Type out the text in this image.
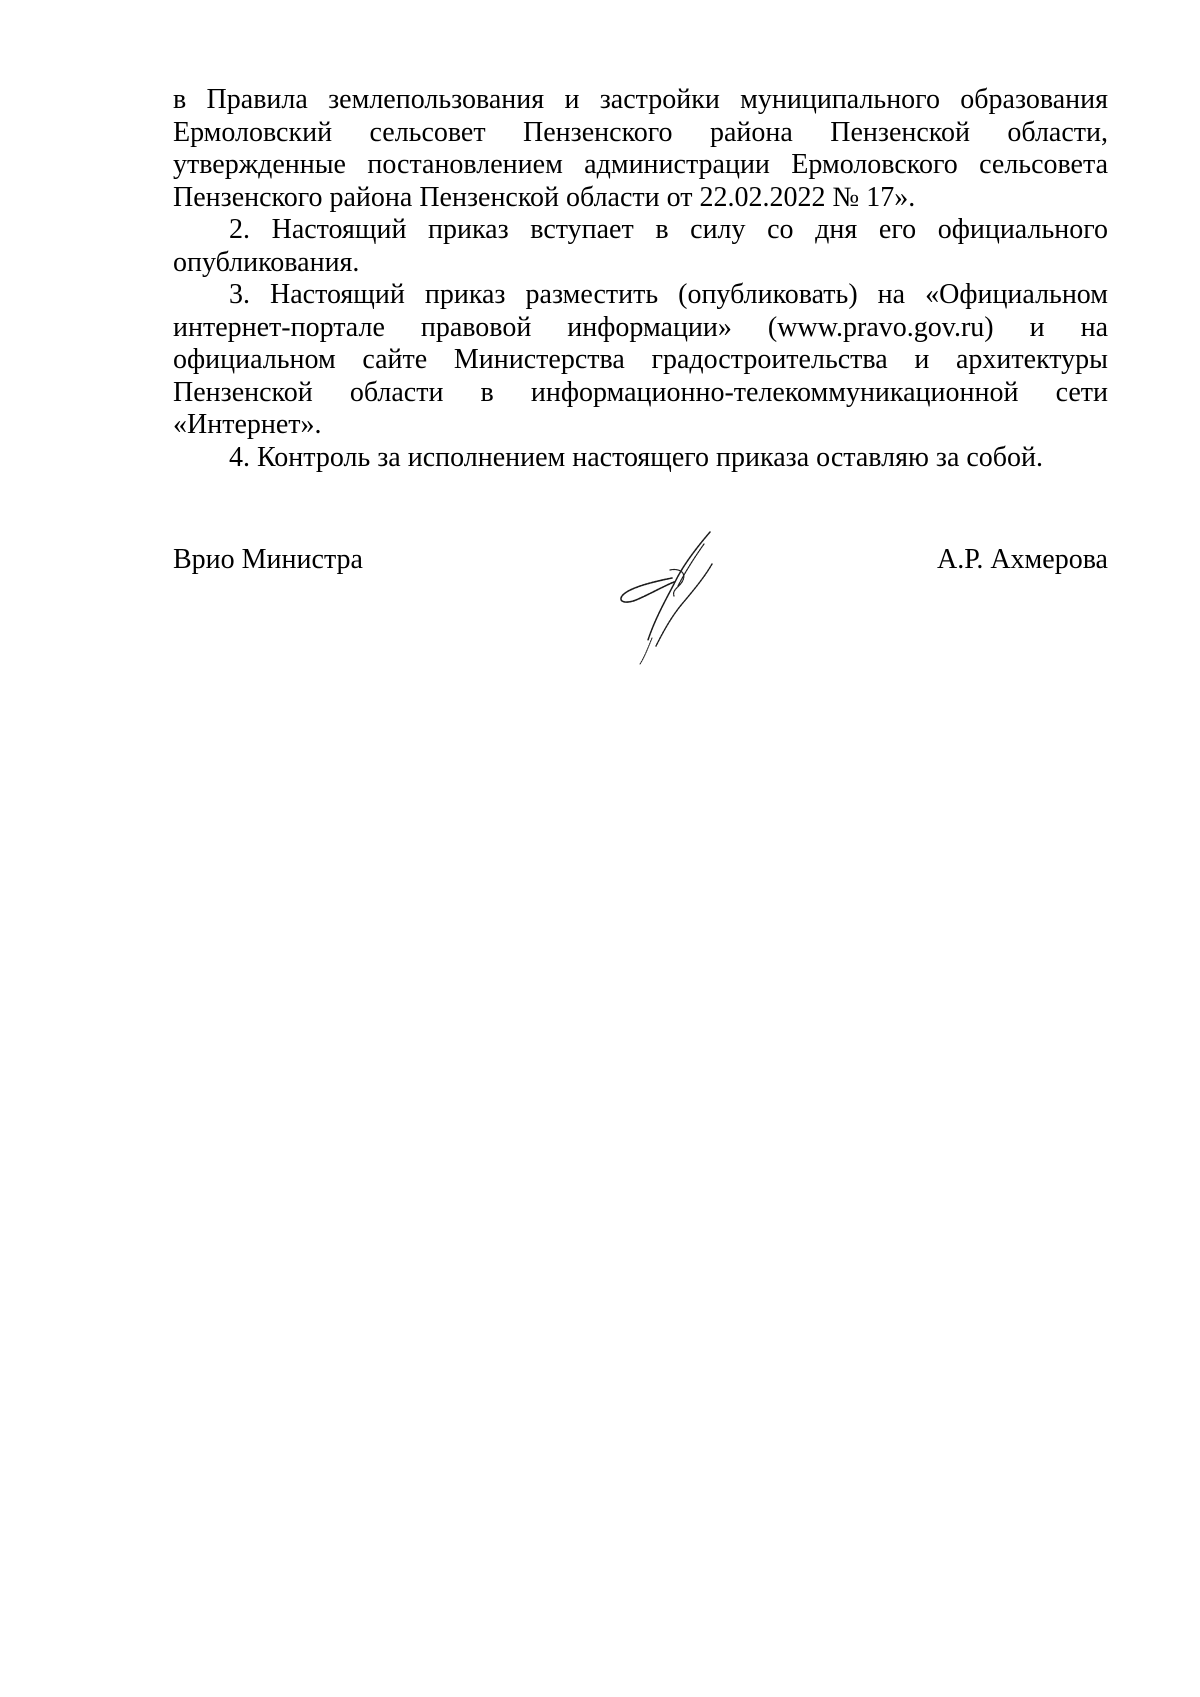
в Правила землепользования и застройки муниципального образования Ермоловский сельсовет Пензенского района Пензенской области, утвержденные постановлением администрации Ермоловского сельсовета Пензенского района Пензенской области от 22.02.2022 № 17».

2. Настоящий приказ вступает в силу со дня его официального опубликования.

3. Настоящий приказ разместить (опубликовать) на «Официальном интернет-портале правовой информации» (www.pravo.gov.ru) и на официальном сайте Министерства градостроительства и архитектуры Пензенской области в информационно-телекоммуникационной сети «Интернет».

4. Контроль за исполнением настоящего приказа оставляю за собой.

Врио Министра	А.Р. Ахмерова
